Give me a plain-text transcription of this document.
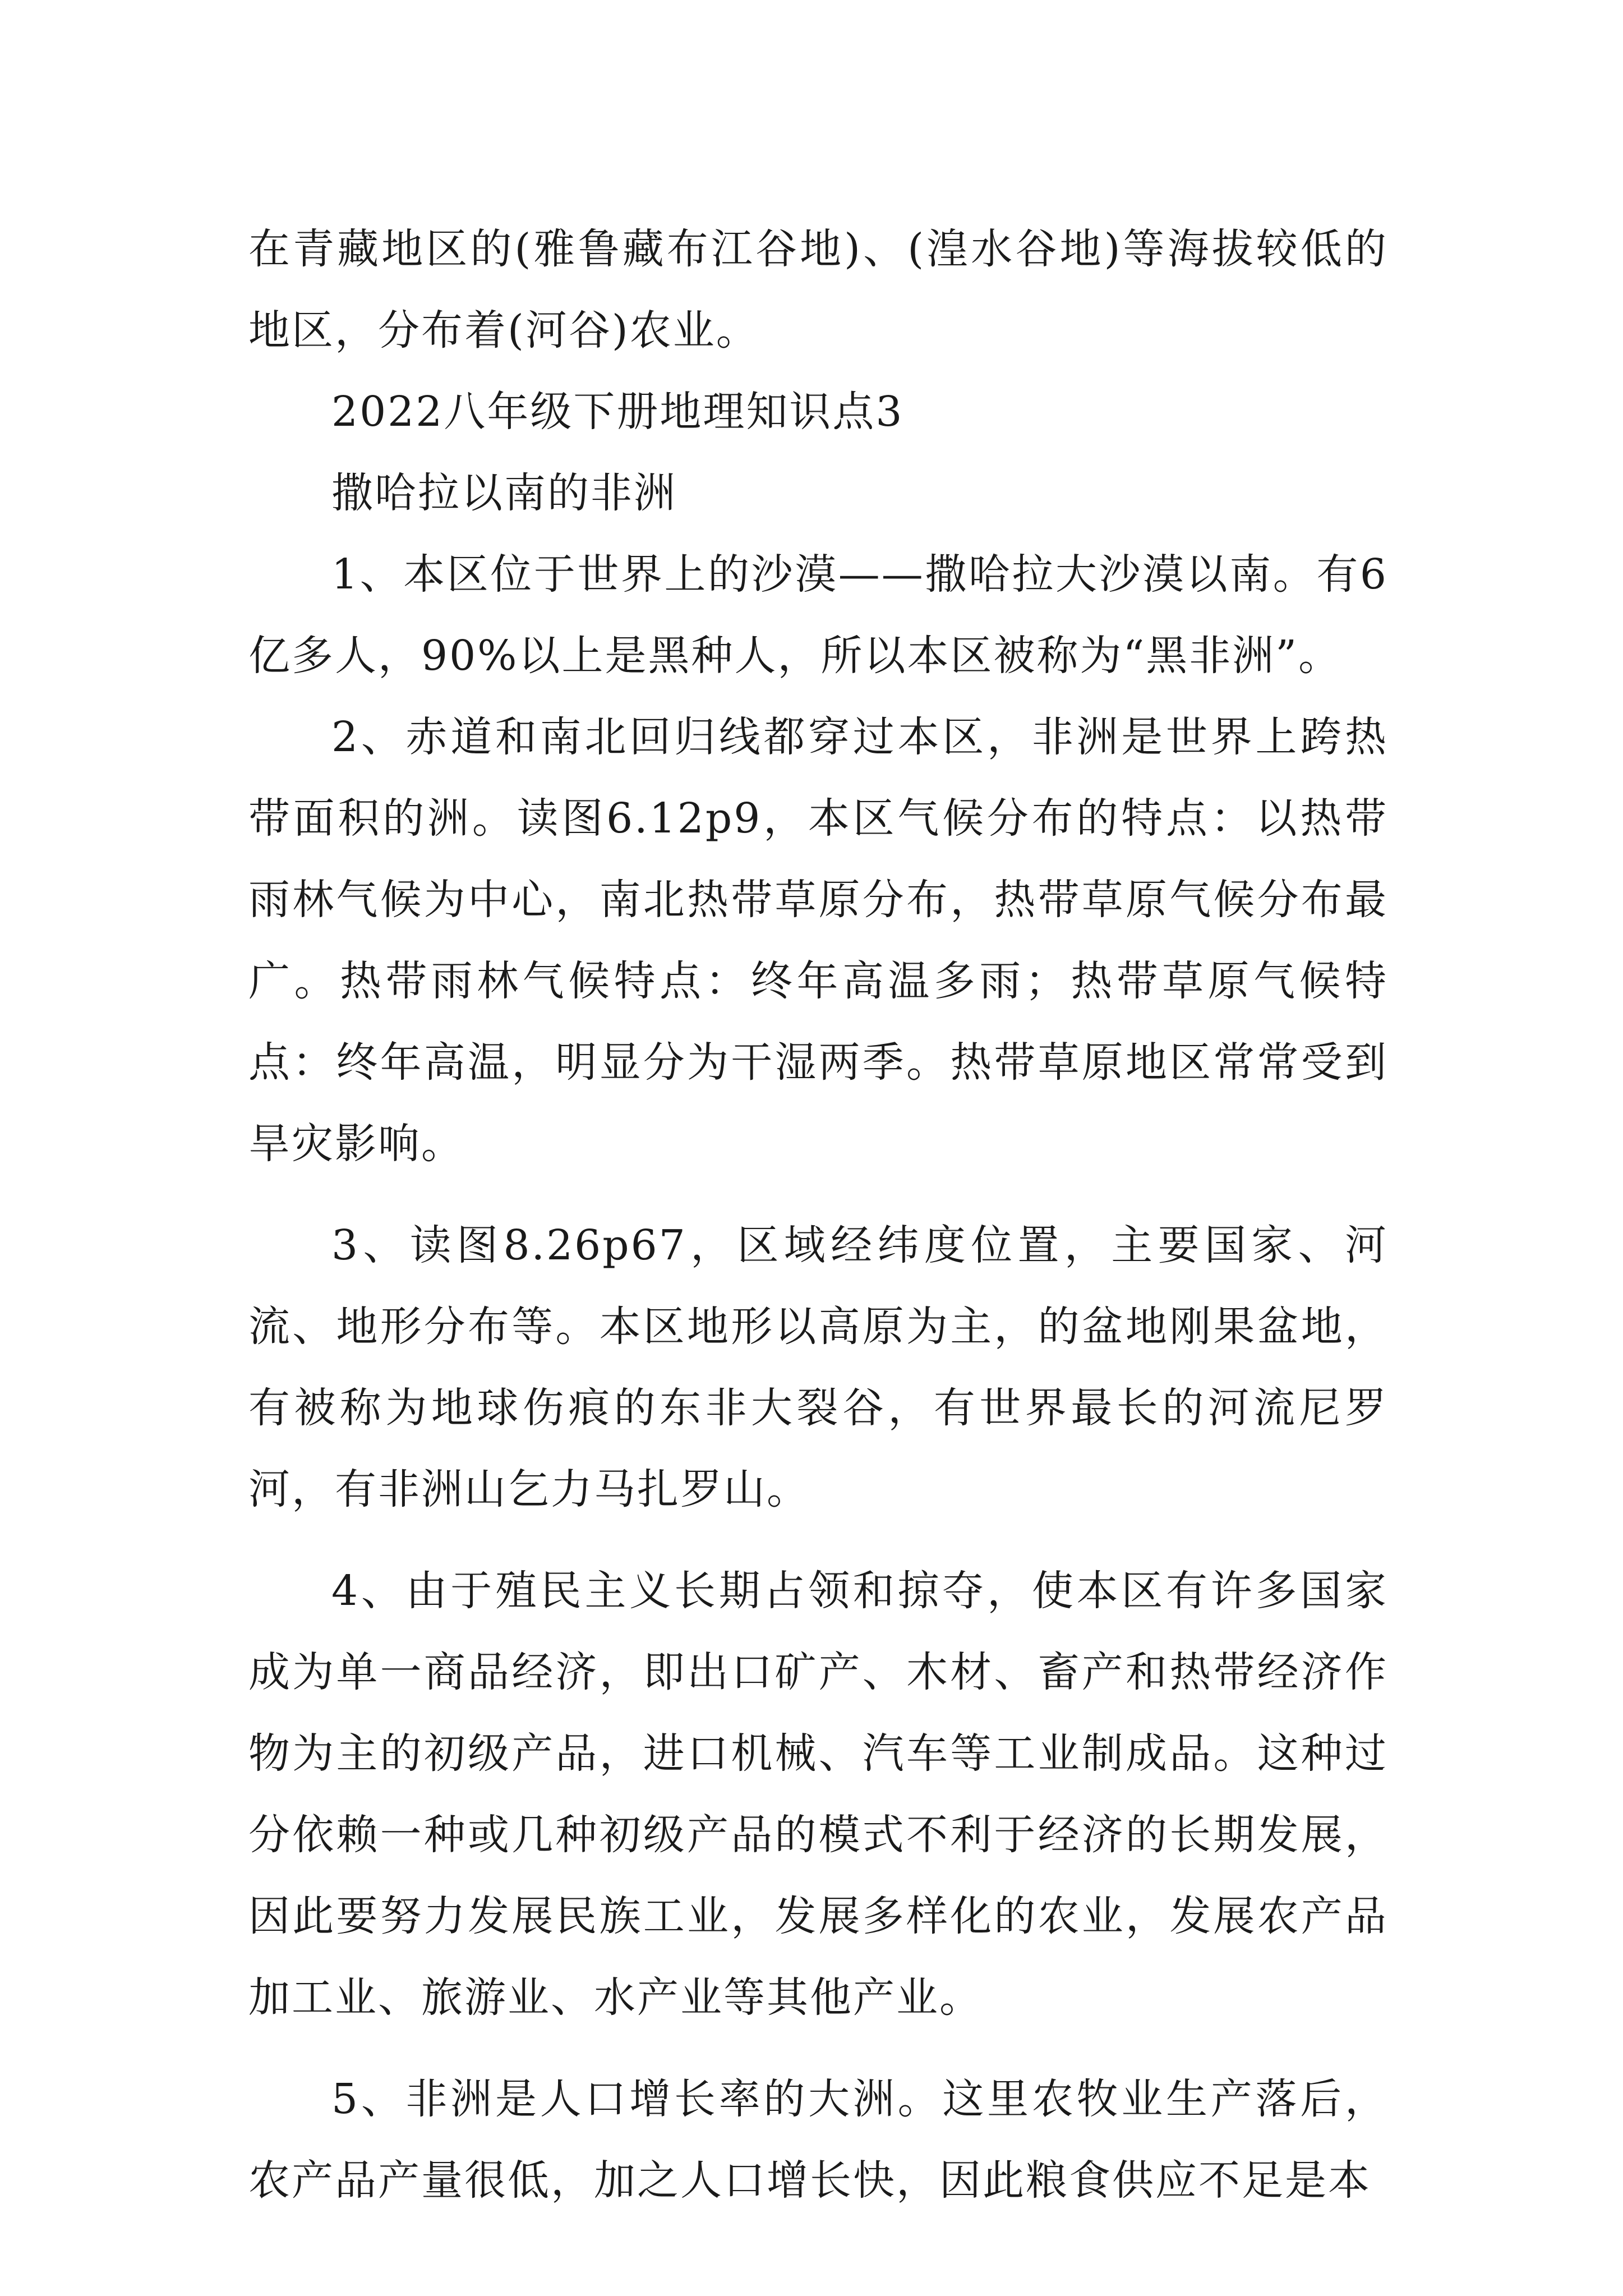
在青藏地区的(雅鲁藏布江谷地)、(湟水谷地)等海拔较低的地区，分布着(河谷)农业。

2022八年级下册地理知识点3

撒哈拉以南的非洲

1、本区位于世界上的沙漠——撒哈拉大沙漠以南。有6亿多人，90%以上是黑种人，所以本区被称为“黑非洲”。

2、赤道和南北回归线都穿过本区，非洲是世界上跨热带面积的洲。读图6.12p9，本区气候分布的特点：以热带雨林气候为中心，南北热带草原分布，热带草原气候分布最广。热带雨林气候特点：终年高温多雨；热带草原气候特点：终年高温，明显分为干湿两季。热带草原地区常常受到旱灾影响。

3、读图8.26p67，区域经纬度位置，主要国家、河流、地形分布等。本区地形以高原为主，的盆地刚果盆地，有被称为地球伤痕的东非大裂谷，有世界最长的河流尼罗河，有非洲山乞力马扎罗山。

4、由于殖民主义长期占领和掠夺，使本区有许多国家成为单一商品经济，即出口矿产、木材、畜产和热带经济作物为主的初级产品，进口机械、汽车等工业制成品。这种过分依赖一种或几种初级产品的模式不利于经济的长期发展，因此要努力发展民族工业，发展多样化的农业，发展农产品加工业、旅游业、水产业等其他产业。

5、非洲是人口增长率的大洲。这里农牧业生产落后，农产品产量很低，加之人口增长快，因此粮食供应不足是本
